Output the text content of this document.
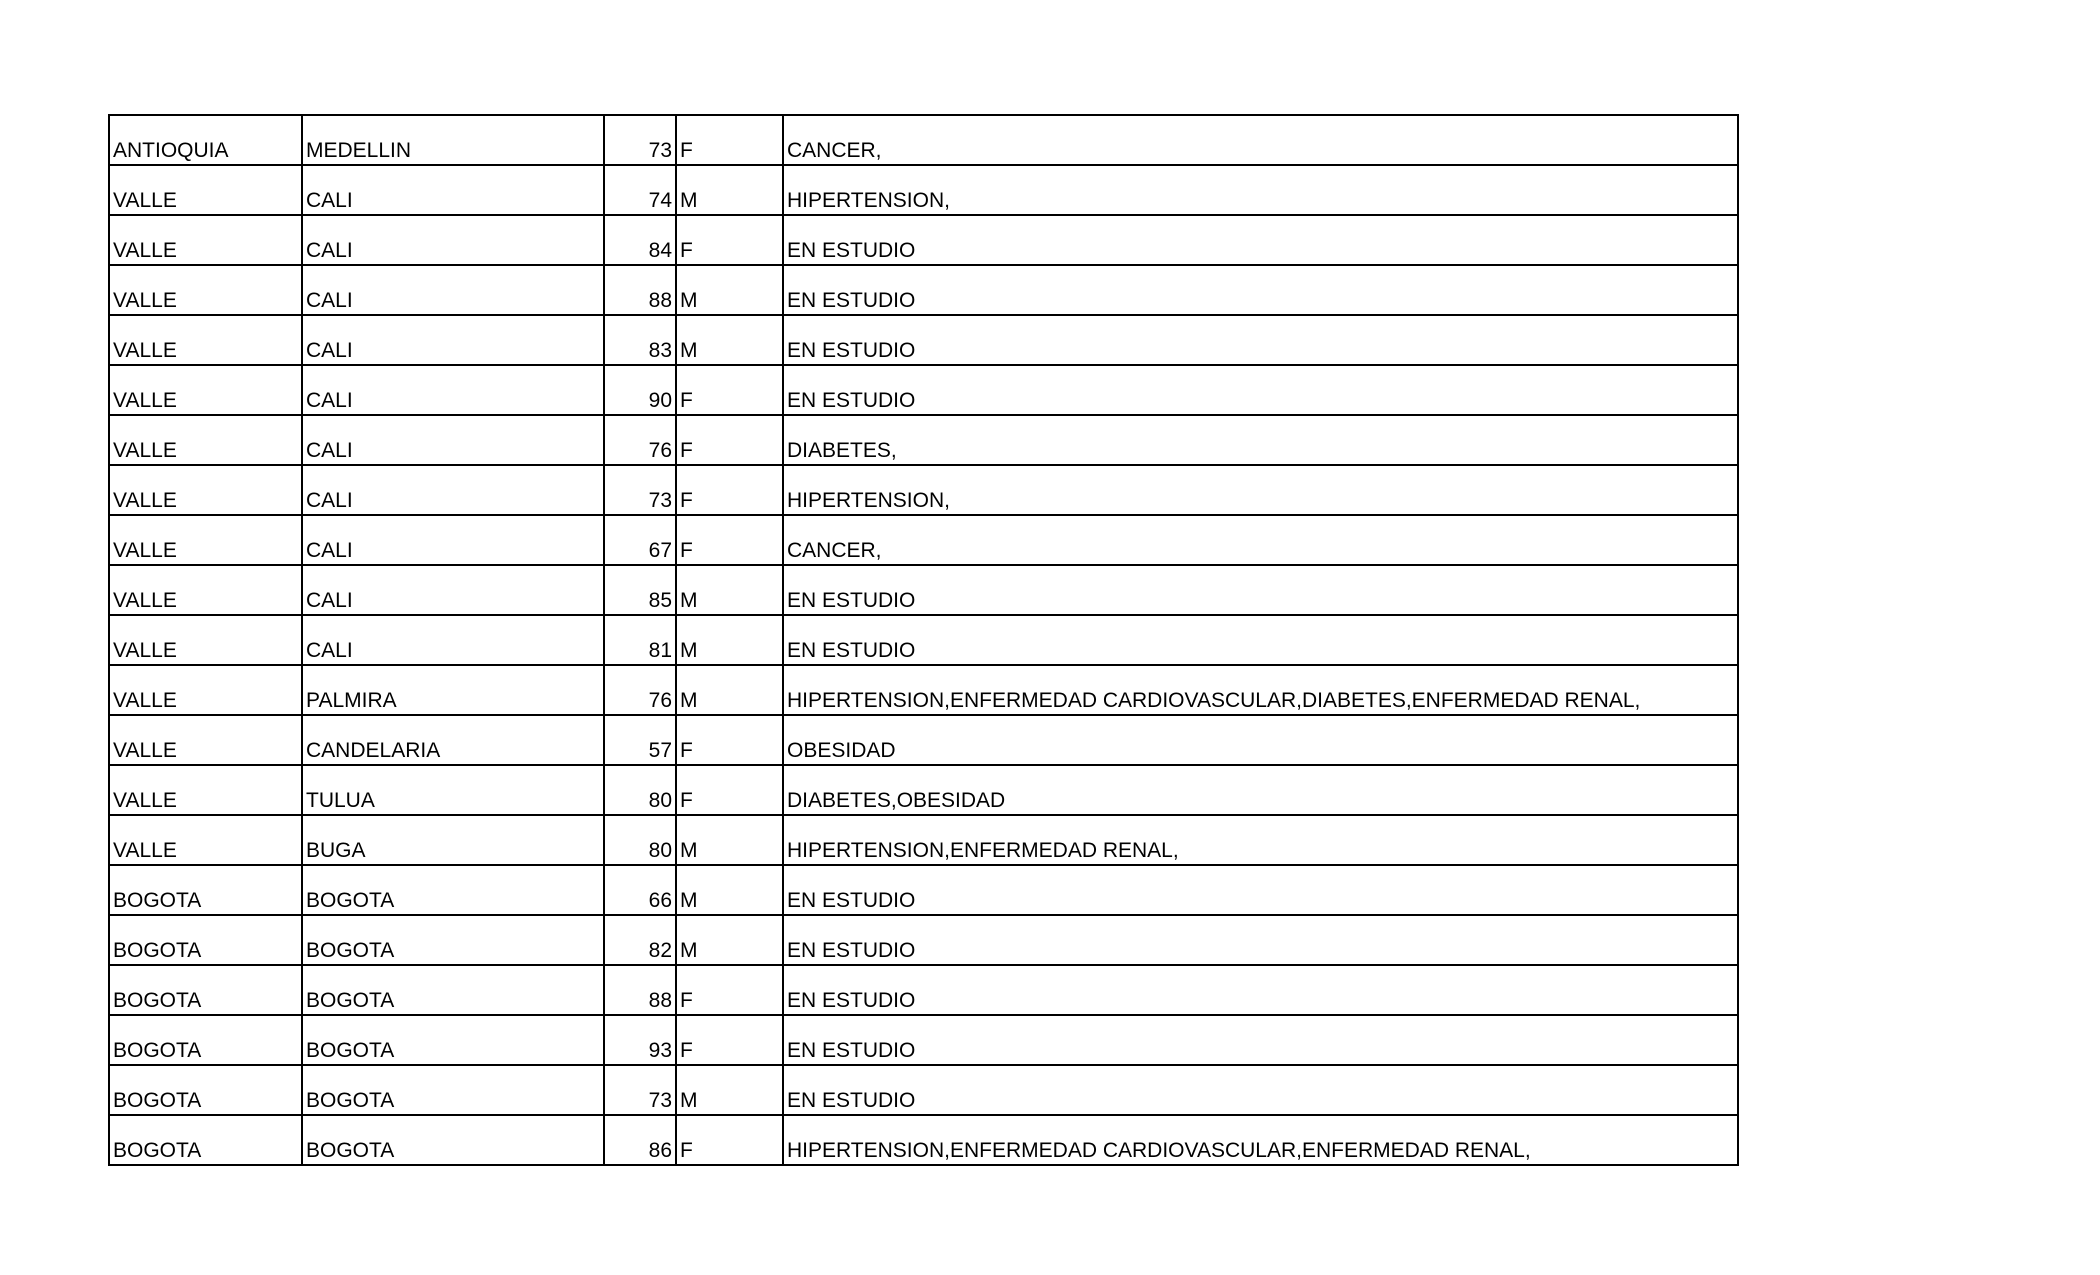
ANTIOQUIA	MEDELLIN	73	F	CANCER,
VALLE	CALI	74	M	HIPERTENSION,
VALLE	CALI	84	F	EN ESTUDIO
VALLE	CALI	88	M	EN ESTUDIO
VALLE	CALI	83	M	EN ESTUDIO
VALLE	CALI	90	F	EN ESTUDIO
VALLE	CALI	76	F	DIABETES,
VALLE	CALI	73	F	HIPERTENSION,
VALLE	CALI	67	F	CANCER,
VALLE	CALI	85	M	EN ESTUDIO
VALLE	CALI	81	M	EN ESTUDIO
VALLE	PALMIRA	76	M	HIPERTENSION,ENFERMEDAD CARDIOVASCULAR,DIABETES,ENFERMEDAD RENAL,
VALLE	CANDELARIA	57	F	OBESIDAD
VALLE	TULUA	80	F	DIABETES,OBESIDAD
VALLE	BUGA	80	M	HIPERTENSION,ENFERMEDAD RENAL,
BOGOTA	BOGOTA	66	M	EN ESTUDIO
BOGOTA	BOGOTA	82	M	EN ESTUDIO
BOGOTA	BOGOTA	88	F	EN ESTUDIO
BOGOTA	BOGOTA	93	F	EN ESTUDIO
BOGOTA	BOGOTA	73	M	EN ESTUDIO
BOGOTA	BOGOTA	86	F	HIPERTENSION,ENFERMEDAD CARDIOVASCULAR,ENFERMEDAD RENAL,
